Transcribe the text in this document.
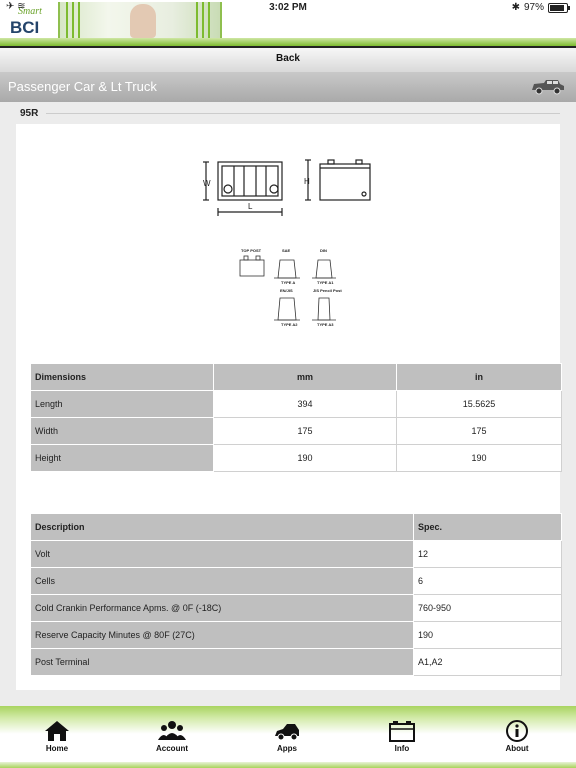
Smart
BCI
✈ ≋	3:02 PM	✱ 97%
Back
Passenger Car & Lt Truck
95R
W
L
H
TOP POST	SAE	DIN
TYPE A	TYPE A1
EN/JIS	JIS Pencil Post
TYPE A2	TYPE A3
Dimensions	mm	in
Length	394	15.5625
Width	175	175
Height	190	190
Description	Spec.
Volt	12
Cells	6
Cold Crankin Performance Apms. @ 0F (-18C)	760-950
Reserve Capacity Minutes @ 80F (27C)	190
Post Terminal	A1,A2
Home	Account	Apps	Info	About
